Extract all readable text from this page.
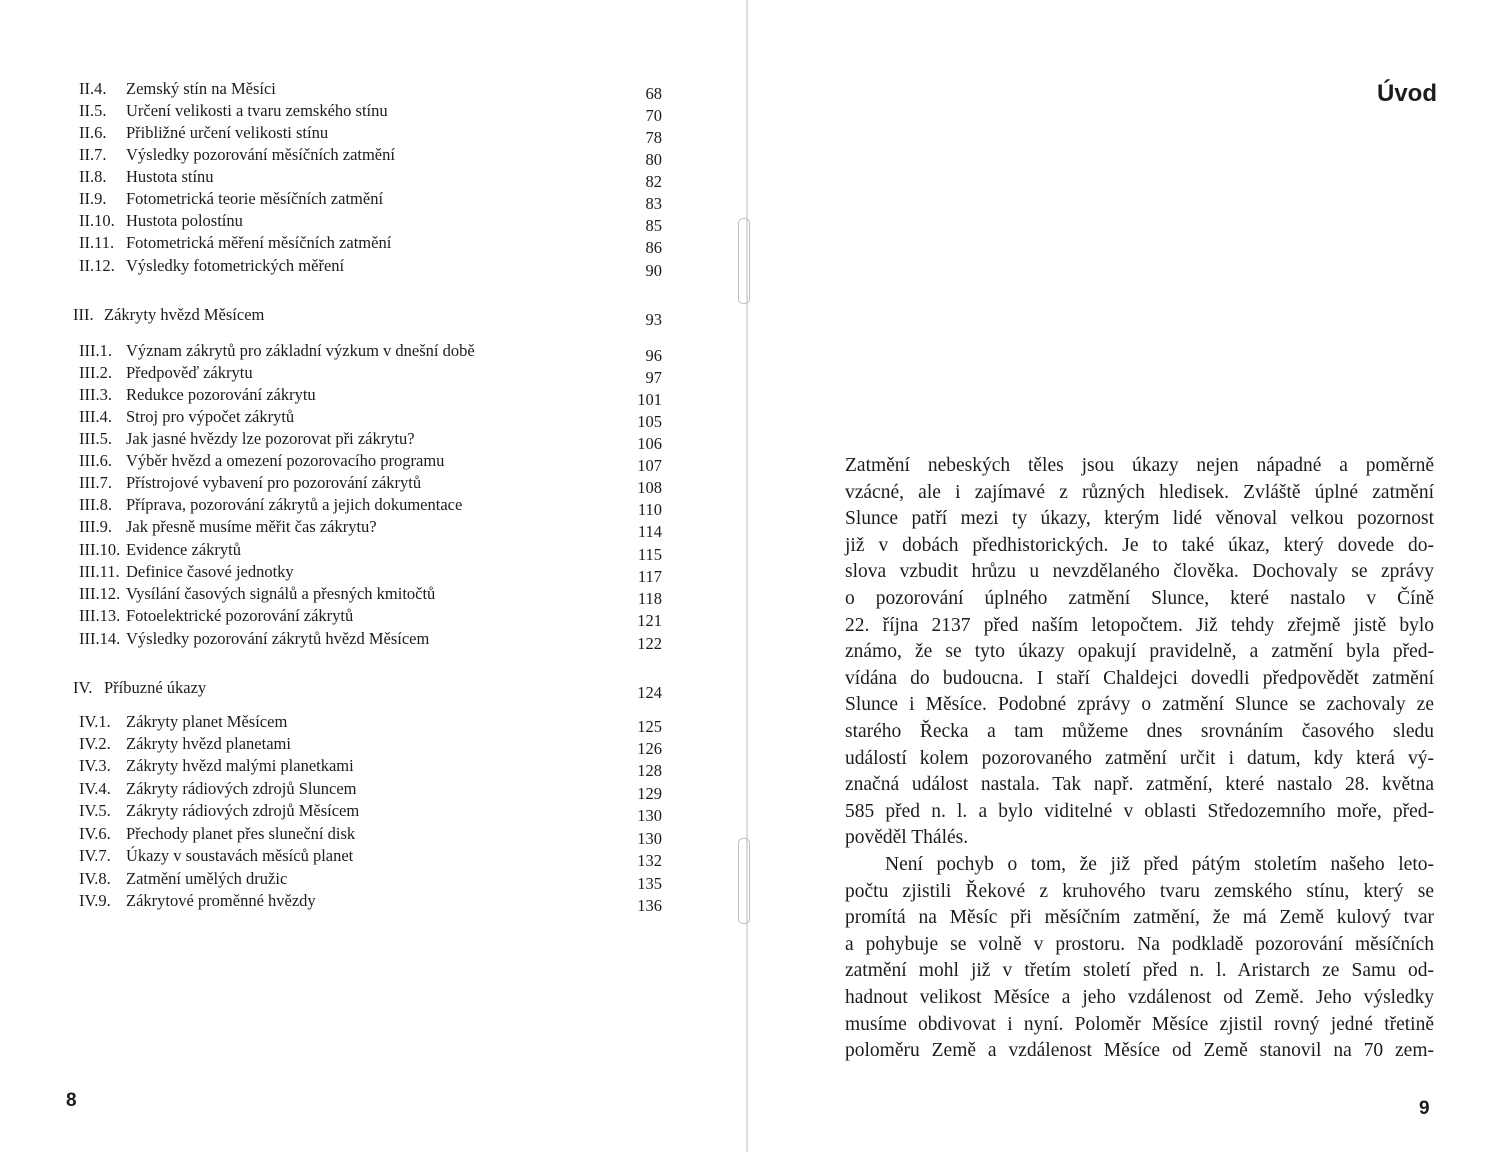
II.4. Zemský stín na Měsíci	68
II.5. Určení velikosti a tvaru zemského stínu	70
II.6. Přibližné určení velikosti stínu	78
II.7. Výsledky pozorování měsíčních zatmění	80
II.8. Hustota stínu	82
II.9. Fotometrická teorie měsíčních zatmění	83
II.10. Hustota polostínu	85
II.11. Fotometrická měření měsíčních zatmění	86
II.12. Výsledky fotometrických měření	90
III. Zákryty hvězd Měsícem	93
III.1. Význam zákrytů pro základní výzkum v dnešní době	96
III.2. Předpověď zákrytu	97
III.3. Redukce pozorování zákrytu	101
III.4. Stroj pro výpočet zákrytů	105
III.5. Jak jasné hvězdy lze pozorovat při zákrytu?	106
III.6. Výběr hvězd a omezení pozorovacího programu	107
III.7. Přístrojové vybavení pro pozorování zákrytů	108
III.8. Příprava, pozorování zákrytů a jejich dokumentace	110
III.9. Jak přesně musíme měřit čas zákrytu?	114
III.10. Evidence zákrytů	115
III.11. Definice časové jednotky	117
III.12. Vysílání časových signálů a přesných kmitočtů	118
III.13. Fotoelektrické pozorování zákrytů	121
III.14. Výsledky pozorování zákrytů hvězd Měsícem	122
IV. Příbuzné úkazy	124
IV.1. Zákryty planet Měsícem	125
IV.2. Zákryty hvězd planetami	126
IV.3. Zákryty hvězd malými planetkami	128
IV.4. Zákryty rádiových zdrojů Sluncem	129
IV.5. Zákryty rádiových zdrojů Měsícem	130
IV.6. Přechody planet přes sluneční disk	130
IV.7. Úkazy v soustavách měsíců planet	132
IV.8. Zatmění umělých družic	135
IV.9. Zákrytové proměnné hvězdy	136
8
Úvod
Zatmění nebeských těles jsou úkazy nejen nápadné a poměrně
vzácné, ale i zajímavé z různých hledisek. Zvláště úplné zatmění
Slunce patří mezi ty úkazy, kterým lidé věnoval velkou pozornost
již v dobách předhistorických. Je to také úkaz, který dovede do-
slova vzbudit hrůzu u nevzdělaného člověka. Dochovaly se zprávy
o pozorování úplného zatmění Slunce, které nastalo v Číně
22. října 2137 před naším letopočtem. Již tehdy zřejmě jistě bylo
známo, že se tyto úkazy opakují pravidelně, a zatmění byla před-
vídána do budoucna. I staří Chaldejci dovedli předpovědět zatmění
Slunce i Měsíce. Podobné zprávy o zatmění Slunce se zachovaly ze
starého Řecka a tam můžeme dnes srovnáním časového sledu
událostí kolem pozorovaného zatmění určit i datum, kdy která vý-
značná událost nastala. Tak např. zatmění, které nastalo 28. května
585 před n. l. a bylo viditelné v oblasti Středozemního moře, před-
pověděl Thálés.
Není pochyb o tom, že již před pátým stoletím našeho leto-
počtu zjistili Řekové z kruhového tvaru zemského stínu, který se
promítá na Měsíc při měsíčním zatmění, že má Země kulový tvar
a pohybuje se volně v prostoru. Na podkladě pozorování měsíčních
zatmění mohl již v třetím století před n. l. Aristarch ze Samu od-
hadnout velikost Měsíce a jeho vzdálenost od Země. Jeho výsledky
musíme obdivovat i nyní. Poloměr Měsíce zjistil rovný jedné třetině
poloměru Země a vzdálenost Měsíce od Země stanovil na 70 zem-
9
